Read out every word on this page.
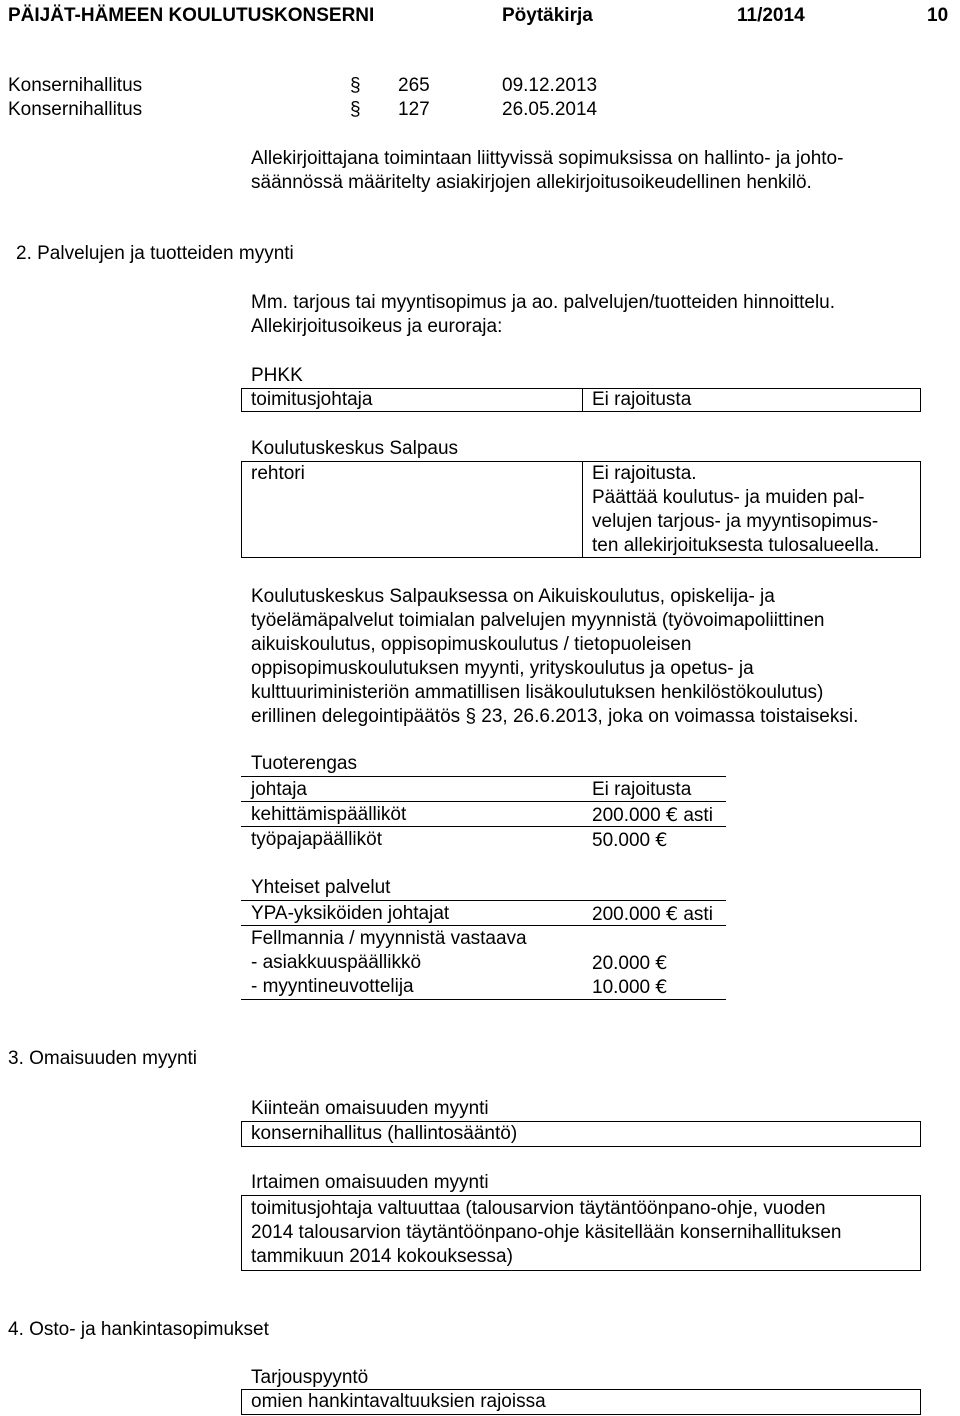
PÄIJÄT-HÄMEEN KOULUTUSKONSERNI	Pöytäkirja	11/2014	10
Konsernihallitus	§ 265	09.12.2013
Konsernihallitus	§ 127	26.05.2014
Allekirjoittajana toimintaan liittyvissä sopimuksissa on hallinto- ja johto-
säännössä määritelty asiakirjojen allekirjoitusoikeudellinen henkilö.
2. Palvelujen ja tuotteiden myynti
Mm. tarjous tai myyntisopimus ja ao. palvelujen/tuotteiden hinnoittelu.
Allekirjoitusoikeus ja euroraja:
PHKK
toimitusjohtaja	Ei rajoitusta
Koulutuskeskus Salpaus
rehtori	Ei rajoitusta.
Päättää koulutus- ja muiden pal-
velujen tarjous- ja myyntisopimus-
ten allekirjoituksesta tulosalueella.
Koulutuskeskus Salpauksessa on Aikuiskoulutus, opiskelija- ja
työelämäpalvelut toimialan palvelujen myynnistä (työvoimapoliittinen
aikuiskoulutus, oppisopimuskoulutus / tietopuoleisen
oppisopimuskoulutuksen myynti, yrityskoulutus ja opetus- ja
kulttuuriministeriön ammatillisen lisäkoulutuksen henkilöstökoulutus)
erillinen delegointipäätös § 23, 26.6.2013, joka on voimassa toistaiseksi.
Tuoterengas
johtaja	Ei rajoitusta
kehittämispäälliköt	200.000 € asti
työpajapäälliköt	50.000 €
Yhteiset palvelut
YPA-yksiköiden johtajat	200.000 € asti
Fellmannia / myynnistä vastaava
- asiakkuuspäällikkö	20.000 €
- myyntineuvottelija	10.000 €
3. Omaisuuden myynti
Kiinteän omaisuuden myynti
konsernihallitus (hallintosääntö)
Irtaimen omaisuuden myynti
toimitusjohtaja valtuuttaa (talousarvion täytäntöönpano-ohje, vuoden
2014 talousarvion täytäntöönpano-ohje käsitellään konsernihallituksen
tammikuun 2014 kokouksessa)
4. Osto- ja hankintasopimukset
Tarjouspyyntö
omien hankintavaltuuksien rajoissa
